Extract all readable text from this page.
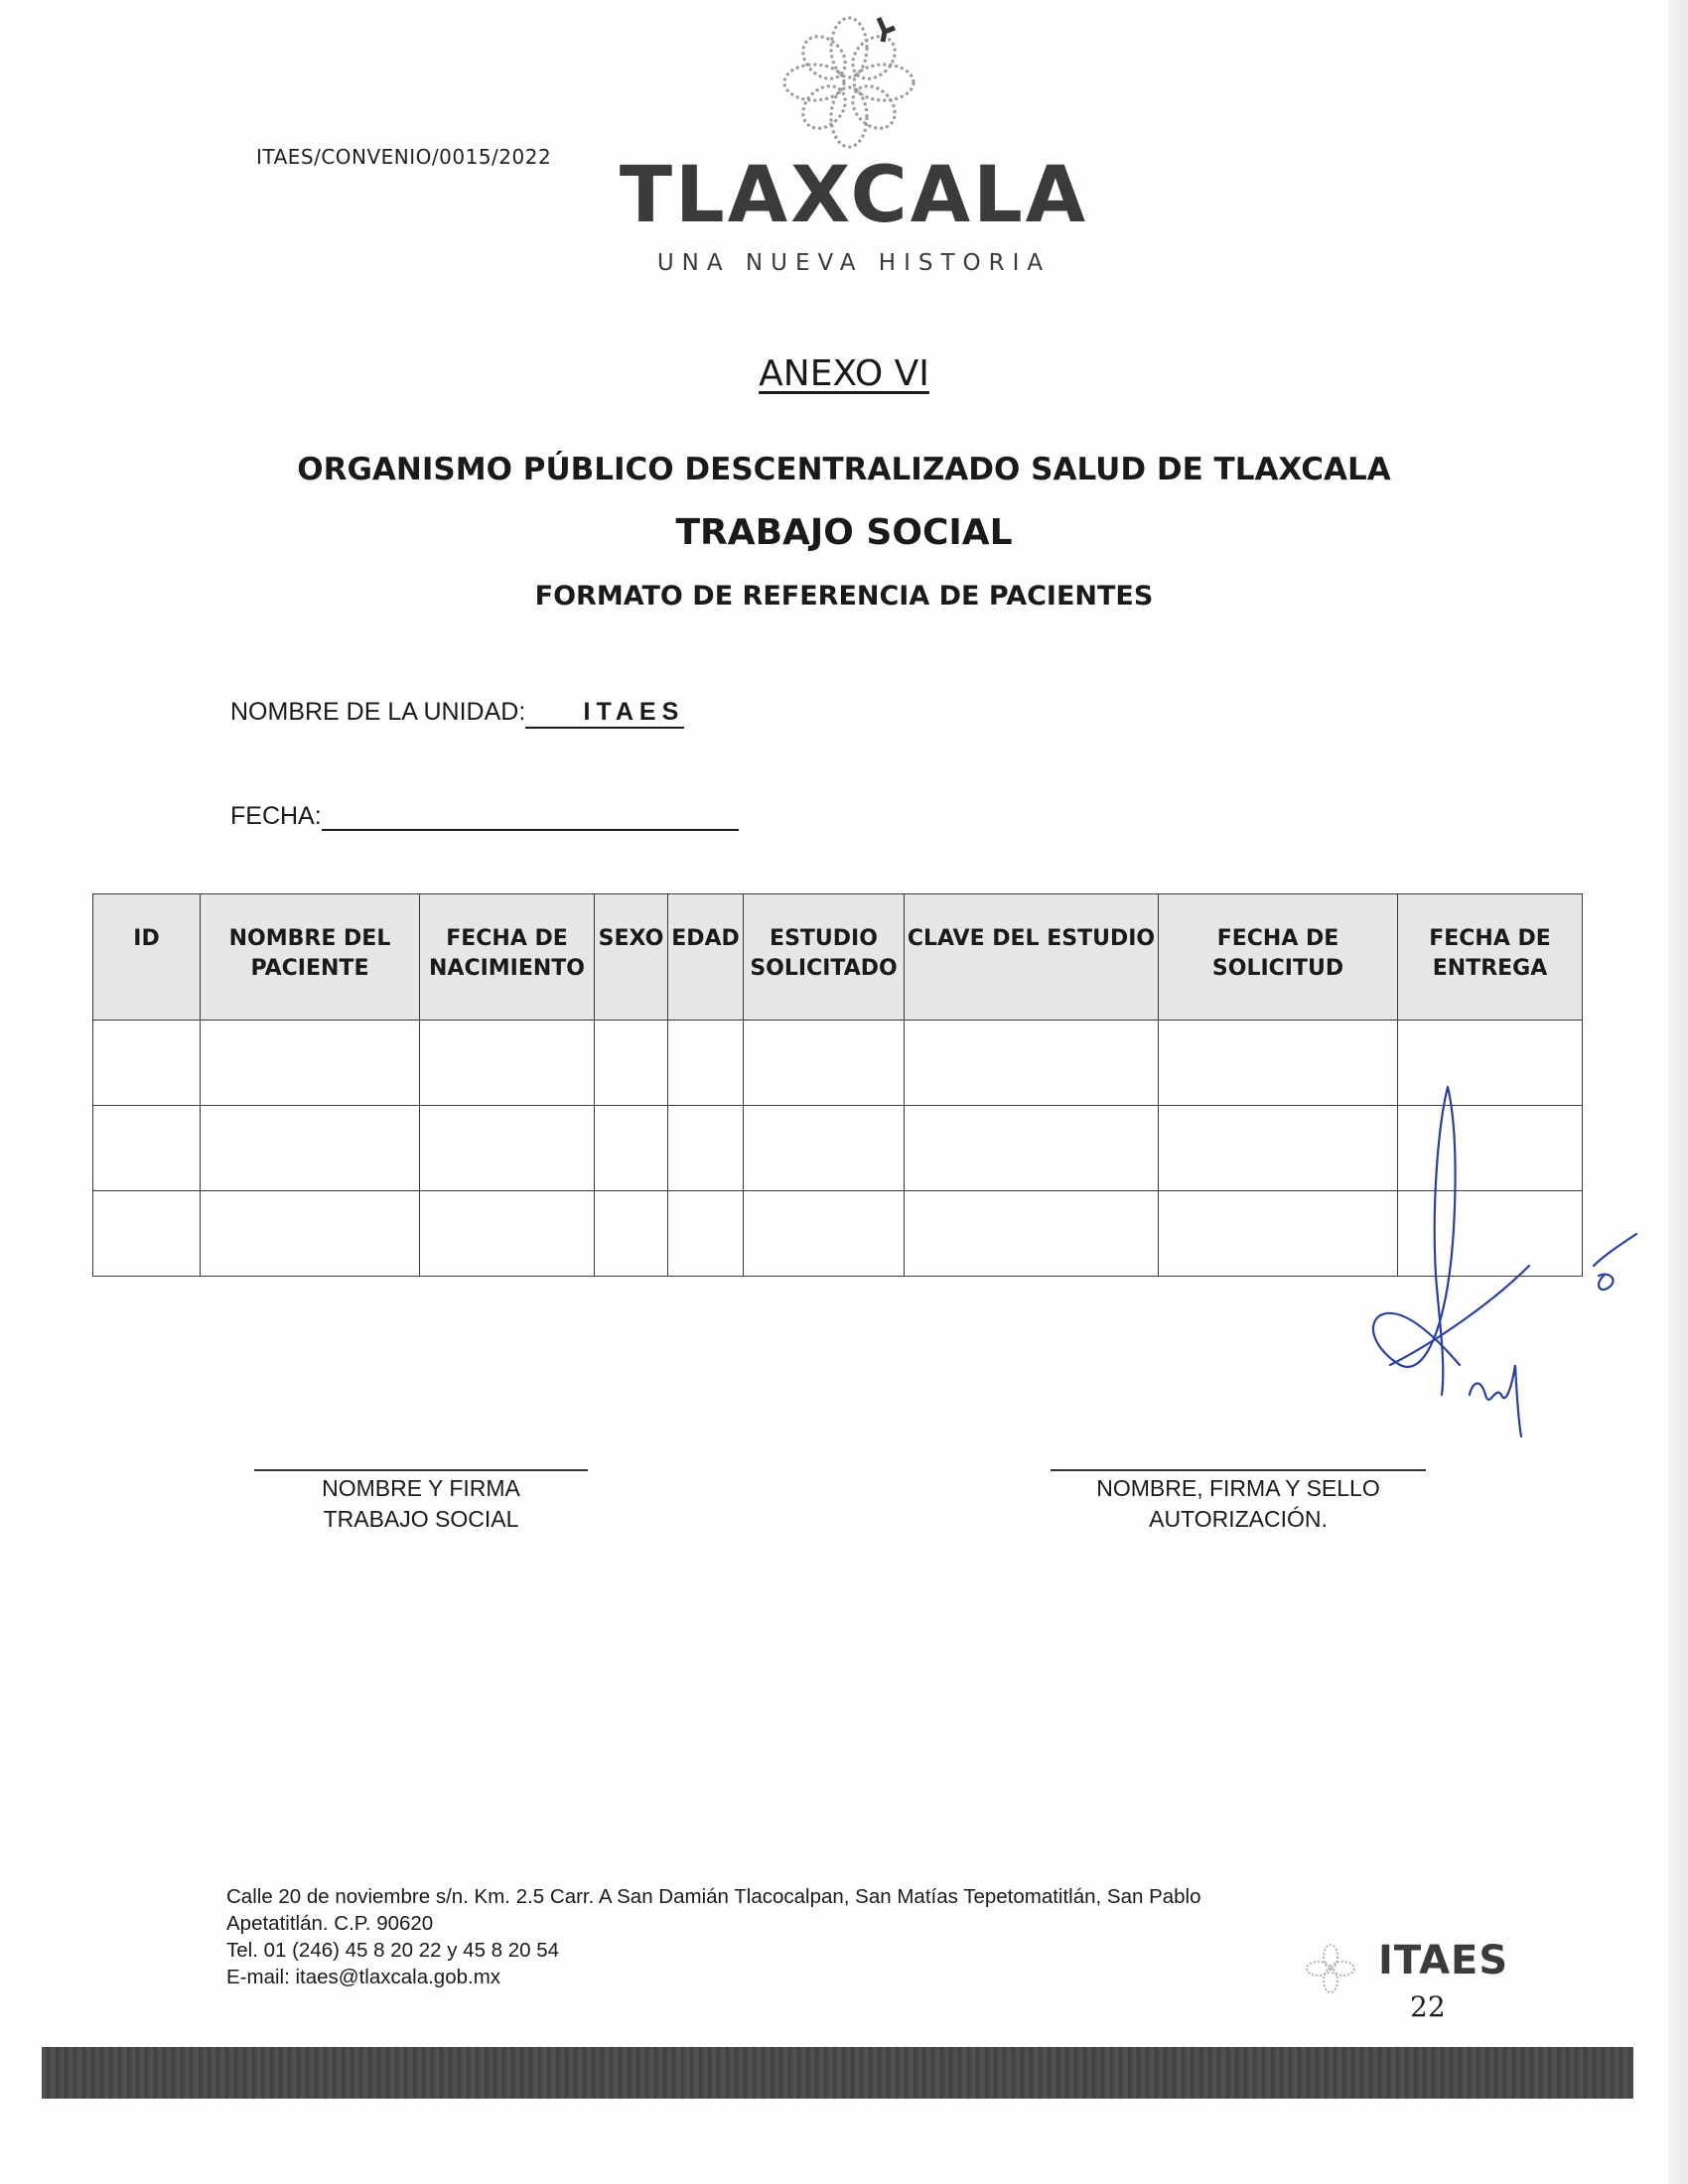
ITAES/CONVENIO/0015/2022 TLAXCALA
UNA NUEVA HISTORIA
ANEXO VI
ORGANISMO PÚBLICO DESCENTRALIZADO SALUD DE TLAXCALA
TRABAJO SOCIAL
FORMATO DE REFERENCIA DE PACIENTES
NOMBRE DE LA UNIDAD: ITAES
FECHA:
ID	NOMBRE DEL PACIENTE	FECHA DE NACIMIENTO	SEXO	EDAD	ESTUDIO SOLICITADO	CLAVE DEL ESTUDIO	FECHA DE SOLICITUD	FECHA DE ENTREGA

NOMBRE Y FIRMA
TRABAJO SOCIAL
NOMBRE, FIRMA Y SELLO
AUTORIZACIÓN.
Calle 20 de noviembre s/n. Km. 2.5 Carr. A San Damián Tlacocalpan, San Matías Tepetomatitlán, San Pablo
Apetatitlán. C.P. 90620
Tel. 01 (246) 45 8 20 22 y 45 8 20 54
E-mail: itaes@tlaxcala.gob.mx	ITAES
22
